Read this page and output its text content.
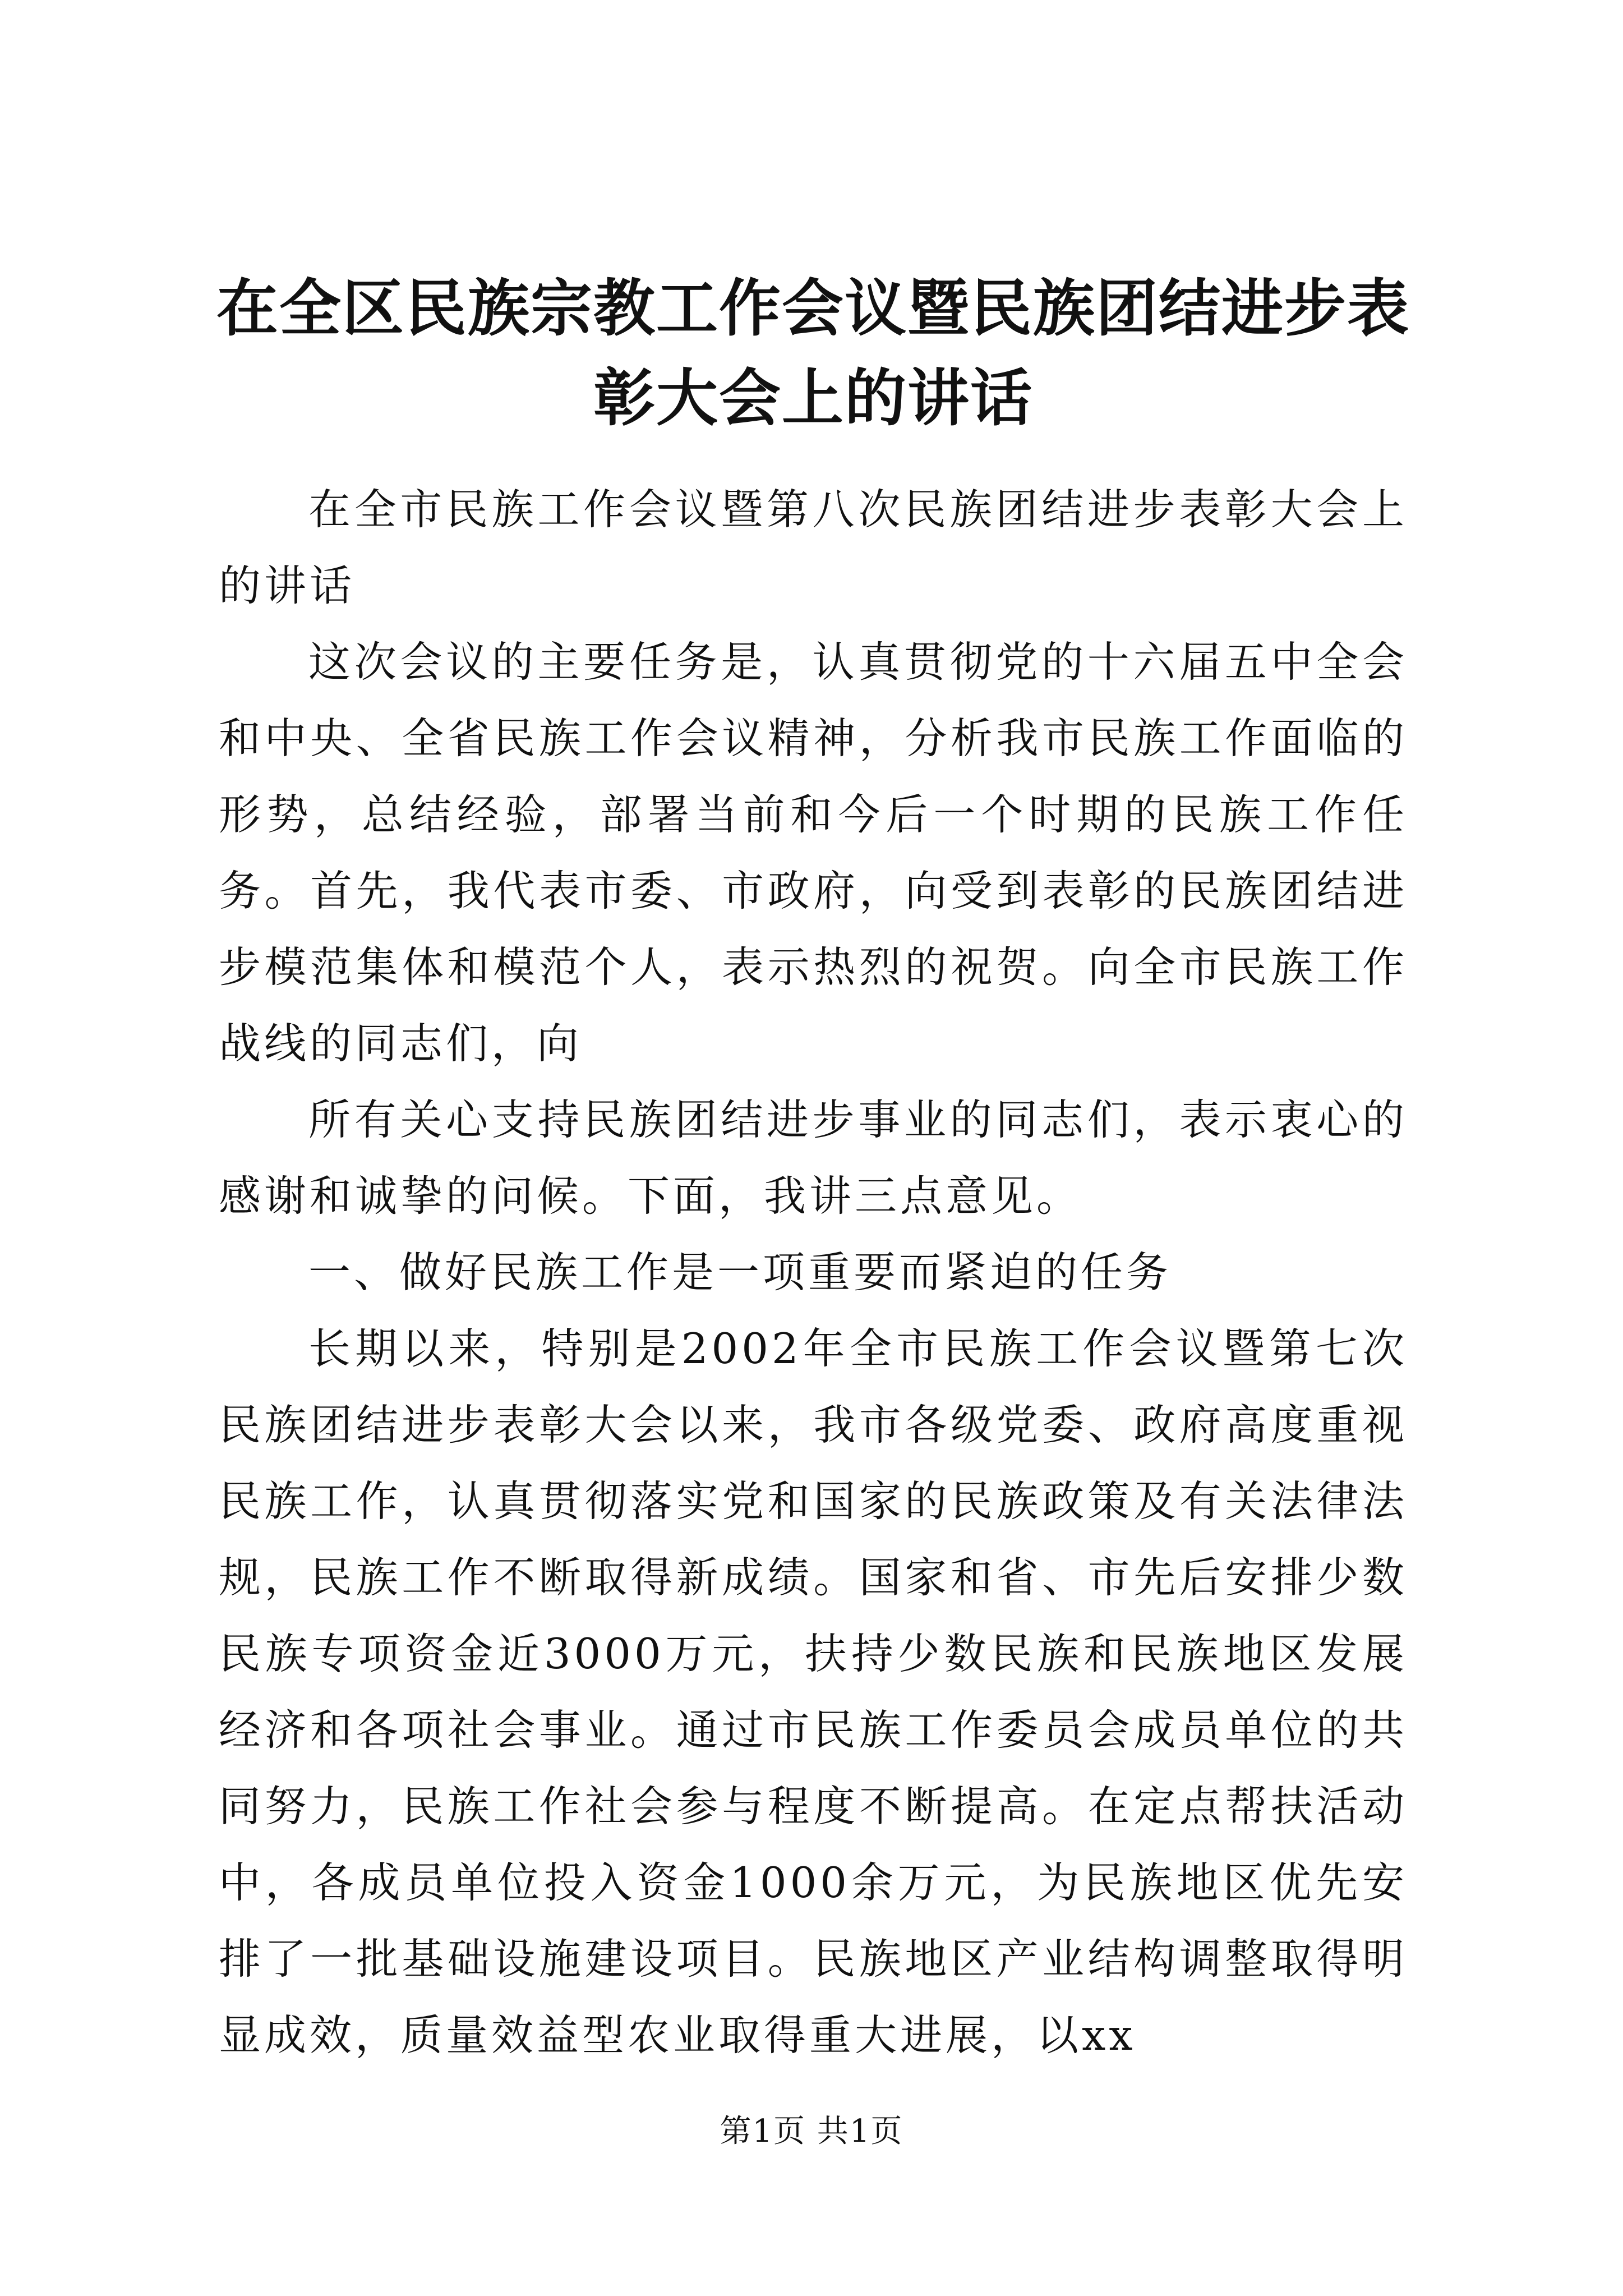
在全区民族宗教工作会议暨民族团结进步表彰大会上的讲话

在全市民族工作会议暨第八次民族团结进步表彰大会上的讲话

这次会议的主要任务是，认真贯彻党的十六届五中全会和中央、全省民族工作会议精神，分析我市民族工作面临的形势，总结经验，部署当前和今后一个时期的民族工作任务。首先，我代表市委、市政府，向受到表彰的民族团结进步模范集体和模范个人，表示热烈的祝贺。向全市民族工作战线的同志们，向

所有关心支持民族团结进步事业的同志们，表示衷心的感谢和诚挚的问候。下面，我讲三点意见。

一、做好民族工作是一项重要而紧迫的任务

长期以来，特别是2002年全市民族工作会议暨第七次民族团结进步表彰大会以来，我市各级党委、政府高度重视民族工作，认真贯彻落实党和国家的民族政策及有关法律法规，民族工作不断取得新成绩。国家和省、市先后安排少数民族专项资金近3000万元，扶持少数民族和民族地区发展经济和各项社会事业。通过市民族工作委员会成员单位的共同努力，民族工作社会参与程度不断提高。在定点帮扶活动中，各成员单位投入资金1000余万元，为民族地区优先安排了一批基础设施建设项目。民族地区产业结构调整取得明显成效，质量效益型农业取得重大进展，以xx

第1页 共1页
